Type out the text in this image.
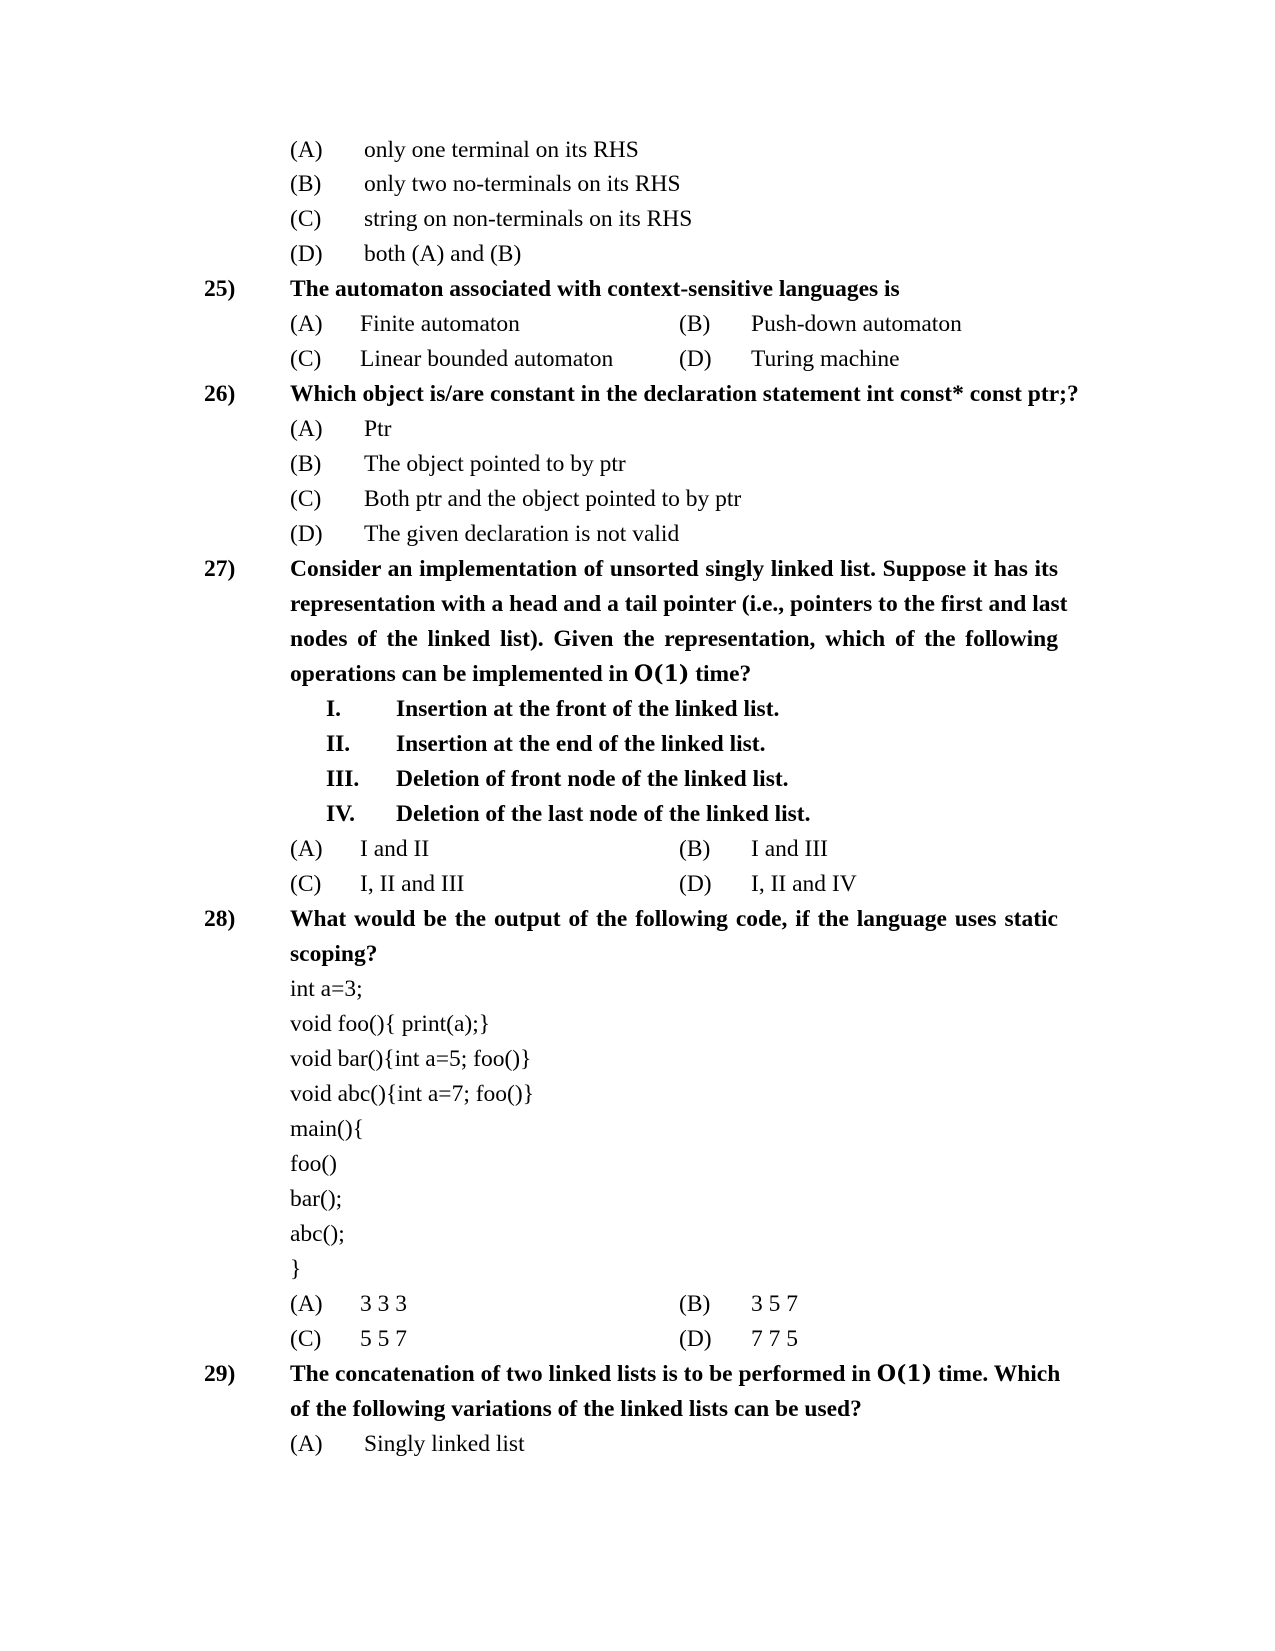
(A) only one terminal on its RHS
(B) only two no-terminals on its RHS
(C) string on non-terminals on its RHS
(D) both (A) and (B)
25) The automaton associated with context-sensitive languages is
(A) Finite automaton	(B) Push-down automaton
(C) Linear bounded automaton	(D) Turing machine
26) Which object is/are constant in the declaration statement int const* const ptr;?
(A) Ptr
(B) The object pointed to by ptr
(C) Both ptr and the object pointed to by ptr
(D) The given declaration is not valid
27) Consider an implementation of unsorted singly linked list. Suppose it has its
representation with a head and a tail pointer (i.e., pointers to the first and last
nodes of the linked list). Given the representation, which of the following
operations can be implemented in O(1) time?
I. Insertion at the front of the linked list.
II. Insertion at the end of the linked list.
III. Deletion of front node of the linked list.
IV. Deletion of the last node of the linked list.
(A) I and II	(B) I and III
(C) I, II and III	(D) I, II and IV
28) What would be the output of the following code, if the language uses static
scoping?
int a=3;
void foo(){ print(a);}
void bar(){int a=5; foo()}
void abc(){int a=7; foo()}
main(){
foo()
bar();
abc();
}
(A) 3 3 3	(B) 3 5 7
(C) 5 5 7	(D) 7 7 5
29) The concatenation of two linked lists is to be performed in O(1) time. Which
of the following variations of the linked lists can be used?
(A) Singly linked list
